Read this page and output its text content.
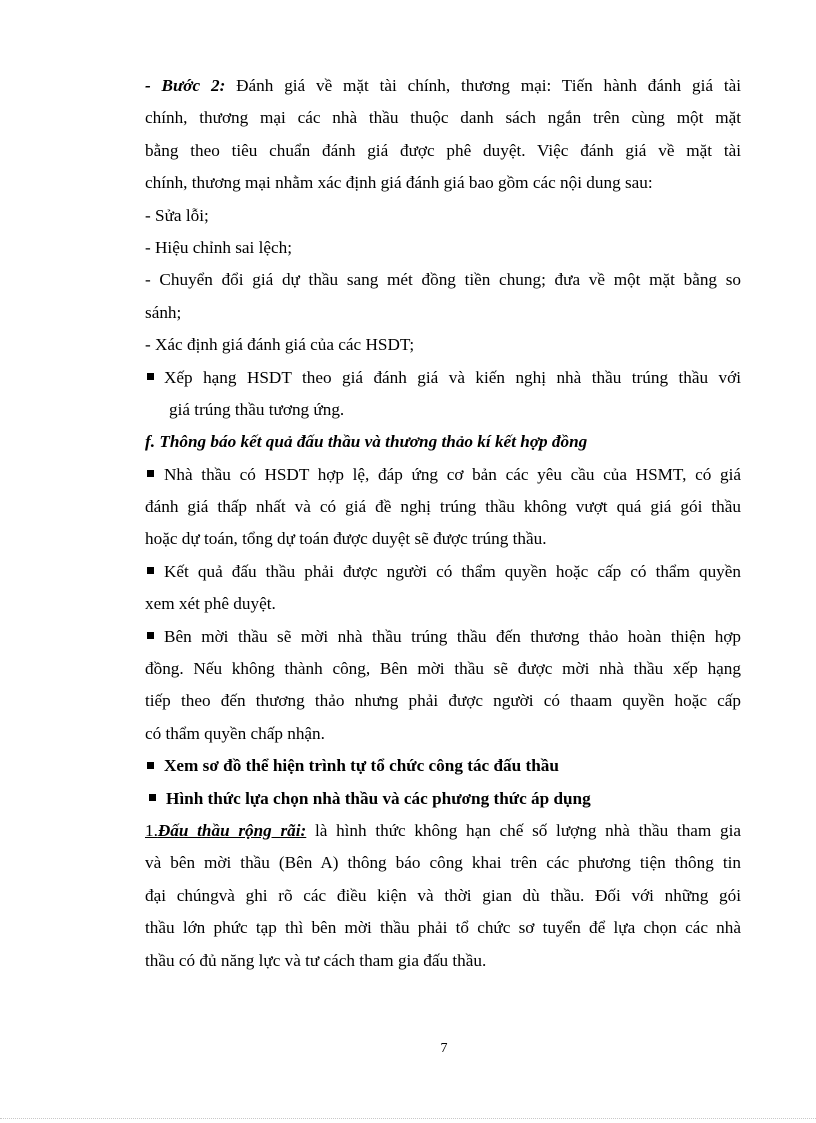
- Bước 2: Đánh giá về mặt tài chính, thương mại: Tiến hành đánh giá tài
chính, thương mại các nhà thầu thuộc danh sách ngắn trên cùng một mặt
bằng theo tiêu chuẩn đánh giá được phê duyệt. Việc đánh giá về mặt tài
chính, thương mại nhằm xác định giá đánh giá bao gồm các nội dung sau:
- Sửa lỗi;
- Hiệu chỉnh sai lệch;
- Chuyển đổi giá dự thầu sang mét đồng tiền chung; đưa về một mặt bằng so
sánh;
- Xác định giá đánh giá của các HSDT;
Xếp hạng HSDT theo giá đánh giá và kiến nghị nhà thầu trúng thầu với
giá trúng thầu tương ứng.
f. Thông báo kết quả đấu thầu và thương thảo kí kết hợp đồng
Nhà thầu có HSDT hợp lệ, đáp ứng cơ bản các yêu cầu của HSMT, có giá
đánh giá thấp nhất và có giá đề nghị trúng thầu không vượt quá giá gói thầu
hoặc dự toán, tổng dự toán được duyệt sẽ được trúng thầu.
Kết quả đấu thầu phải được người có thẩm quyền hoặc cấp có thẩm quyền
xem xét phê duyệt.
Bên mời thầu sẽ mời nhà thầu trúng thầu đến thương thảo hoàn thiện hợp
đồng. Nếu không thành công, Bên mời thầu sẽ được mời nhà thầu xếp hạng
tiếp theo đến thương thảo nhưng phải được người có thaam quyền hoặc cấp
có thẩm quyền chấp nhận.
Xem sơ đồ thể hiện trình tự tổ chức công tác đấu thầu
Hình thức lựa chọn nhà thầu và các phương thức áp dụng
1.Đấu thầu rộng rãi: là hình thức không hạn chế số lượng nhà thầu tham gia
và bên mời thầu (Bên A) thông báo công khai trên các phương tiện thông tin
đại chúngvà ghi rõ các điều kiện và thời gian dù thầu. Đối với những gói
thầu lớn phức tạp thì bên mời thầu phải tổ chức sơ tuyển để lựa chọn các nhà
thầu có đủ năng lực và tư cách tham gia đấu thầu.
7
